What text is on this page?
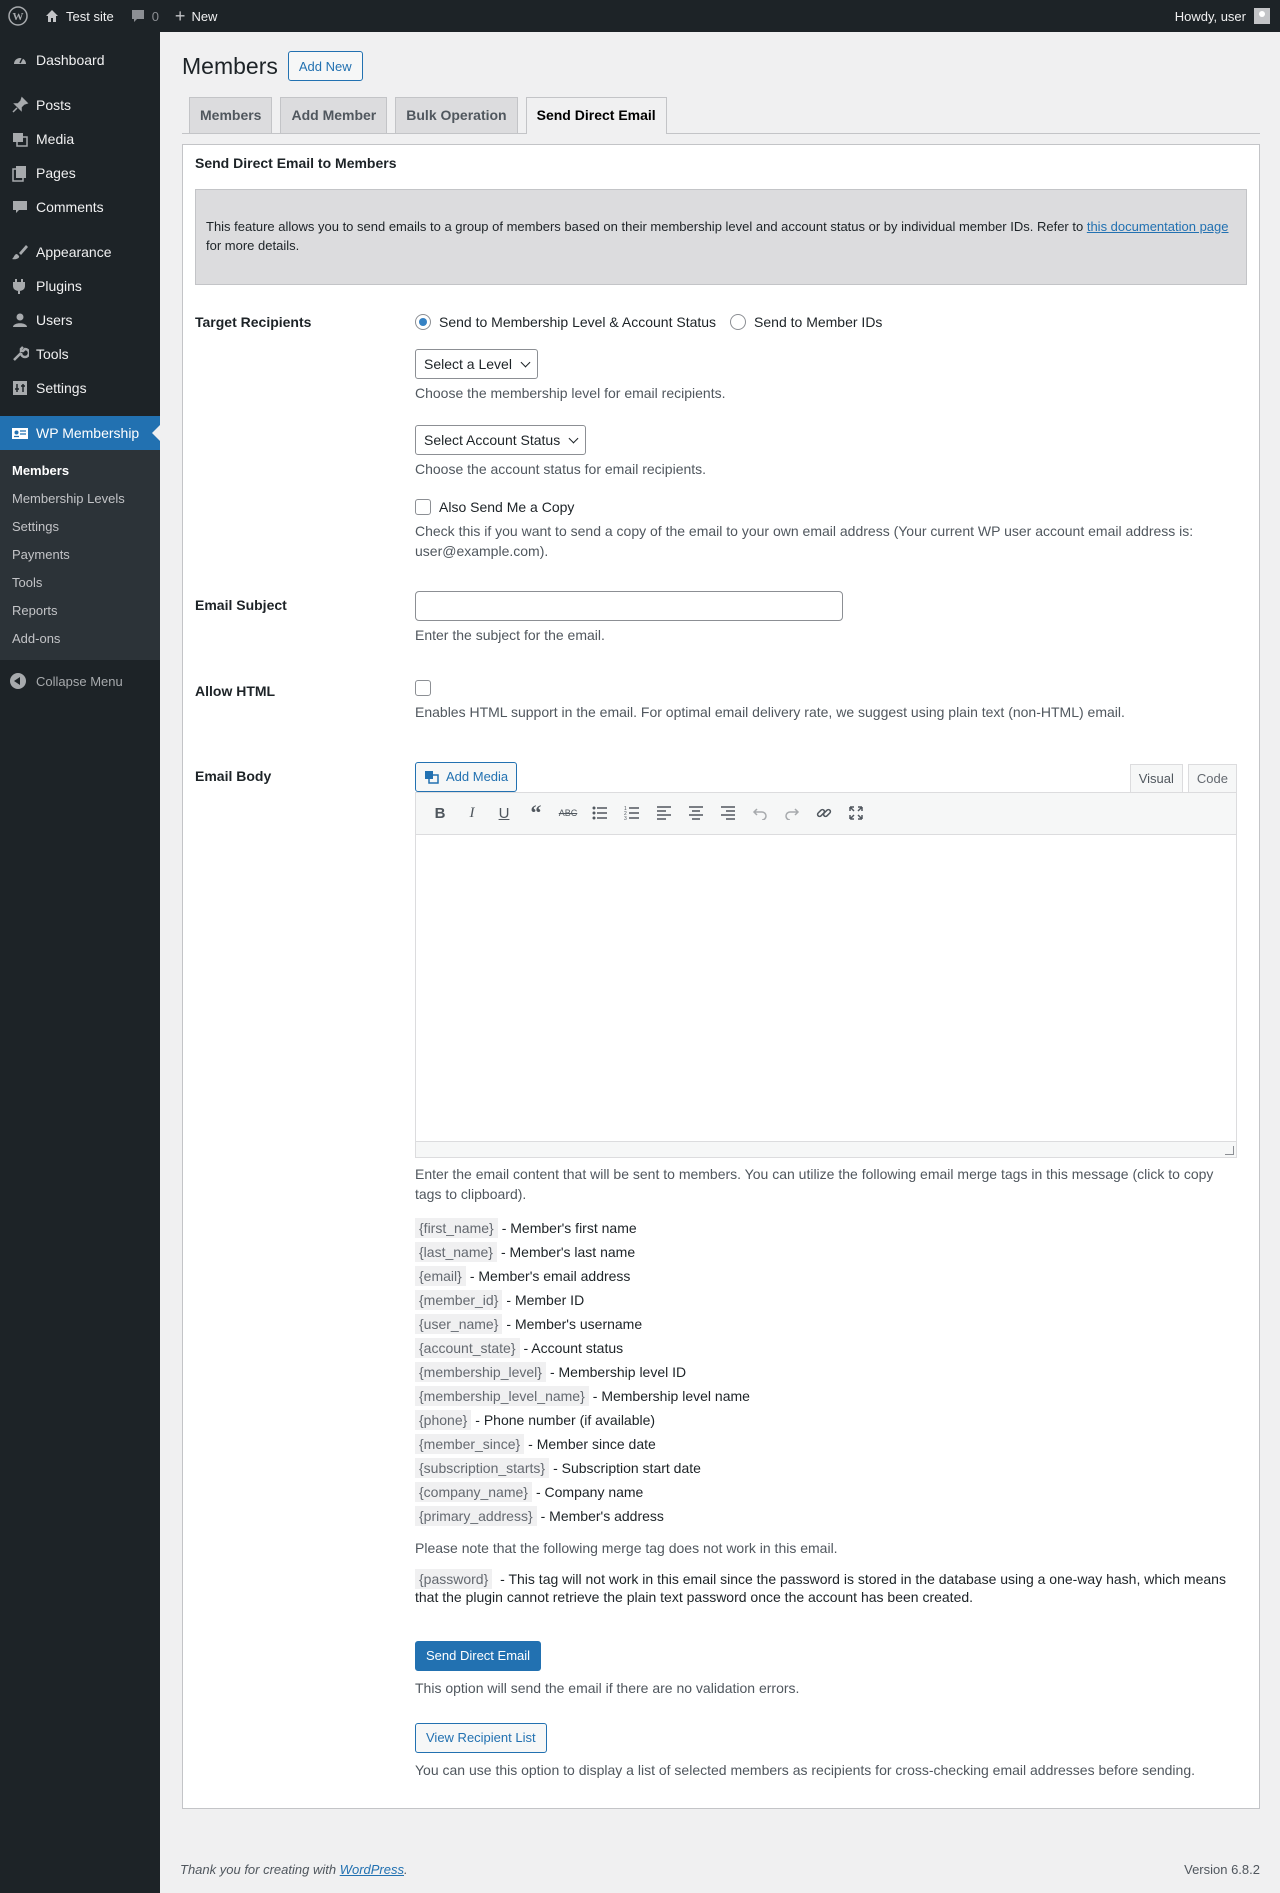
W	Test site	0 + New	Howdy, user
Dashboard
Posts
Media
Pages
Comments
Appearance
Plugins
Users
Tools
Settings
WP Membership
Members
Membership Levels
Settings
Payments
Tools
Reports
Add-ons
Collapse Menu
Members	Add New
Members	Add Member	Bulk Operation	Send Direct Email
Send Direct Email to Members
This feature allows you to send emails to a group of members based on their membership level and account status or by individual member IDs. Refer to this documentation page for more details.
Target Recipients	Send to Membership Level & Account Status	Send to Member IDs
Select a Level
Choose the membership level for email recipients.
Select Account Status
Choose the account status for email recipients.
Also Send Me a Copy
Check this if you want to send a copy of the email to your own email address (Your current WP user account email address is: user@example.com).
Email Subject
Enter the subject for the email.
Allow HTML
Enables HTML support in the email. For optimal email delivery rate, we suggest using plain text (non-HTML) email.
Email Body	Add Media	Visual	Code
B	I	U “	ABC	1
2
3
Enter the email content that will be sent to members. You can utilize the following email merge tags in this message (click to copy tags to clipboard).
{first_name} - Member's first name
{last_name} - Member's last name
{email} - Member's email address
{member_id} - Member ID
{user_name} - Member's username
{account_state} - Account status
{membership_level} - Membership level ID
{membership_level_name} - Membership level name
{phone} - Phone number (if available)
{member_since} - Member since date
{subscription_starts} - Subscription start date
{company_name} - Company name
{primary_address} - Member's address
Please note that the following merge tag does not work in this email.
{password} - This tag will not work in this email since the password is stored in the database using a one-way hash, which means that the plugin cannot retrieve the plain text password once the account has been created.
Send Direct Email
This option will send the email if there are no validation errors.
View Recipient List
You can use this option to display a list of selected members as recipients for cross-checking email addresses before sending.
Thank you for creating with WordPress.	Version 6.8.2
